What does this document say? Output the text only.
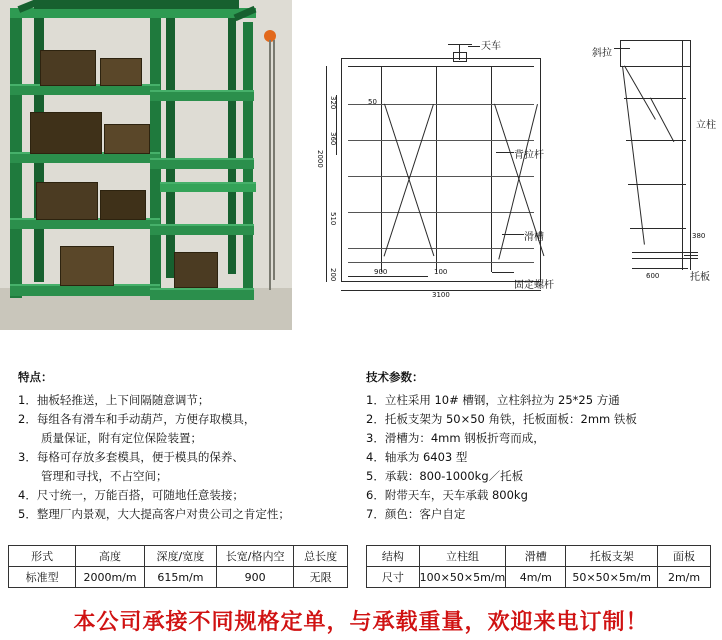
天车
320
360
510
200
2000
50
900	100
3100
背拉杆
滑槽
固定螺杆
斜拉
立柱
托板
380
600
特点：
1．抽板轻推送，上下间隔随意调节；
2．每组各有滑车和手动葫芦，方便存取模具，
　　质量保证，附有定位保险装置；
3．每格可存放多套模具，便于模具的保养、
　　管理和寻找，不占空间；
4．尺寸统一，万能百搭，可随地任意装接；
5．整理厂内景观，大大提高客户对贵公司之肯定性；
技术参数：
1．立柱采用 10# 槽钢，立柱斜拉为 25*25 方通
2．托板支架为 50×50 角铁，托板面板：2mm 铁板
3．滑槽为：4mm 钢板折弯而成，
4．轴承为 6403 型
5．承载：800-1000kg／托板
6．附带天车，天车承载 800kg
7．颜色：客户自定
形式	高度	深度/宽度	长宽/格内空	总长度
标准型	2000m/m	615m/m	900	无限
结构	立柱组	滑槽	托板支架	面板
尺寸	100×50×5m/m	4m/m	50×50×5m/m	2m/m
本公司承接不同规格定单，与承载重量，欢迎来电订制！
